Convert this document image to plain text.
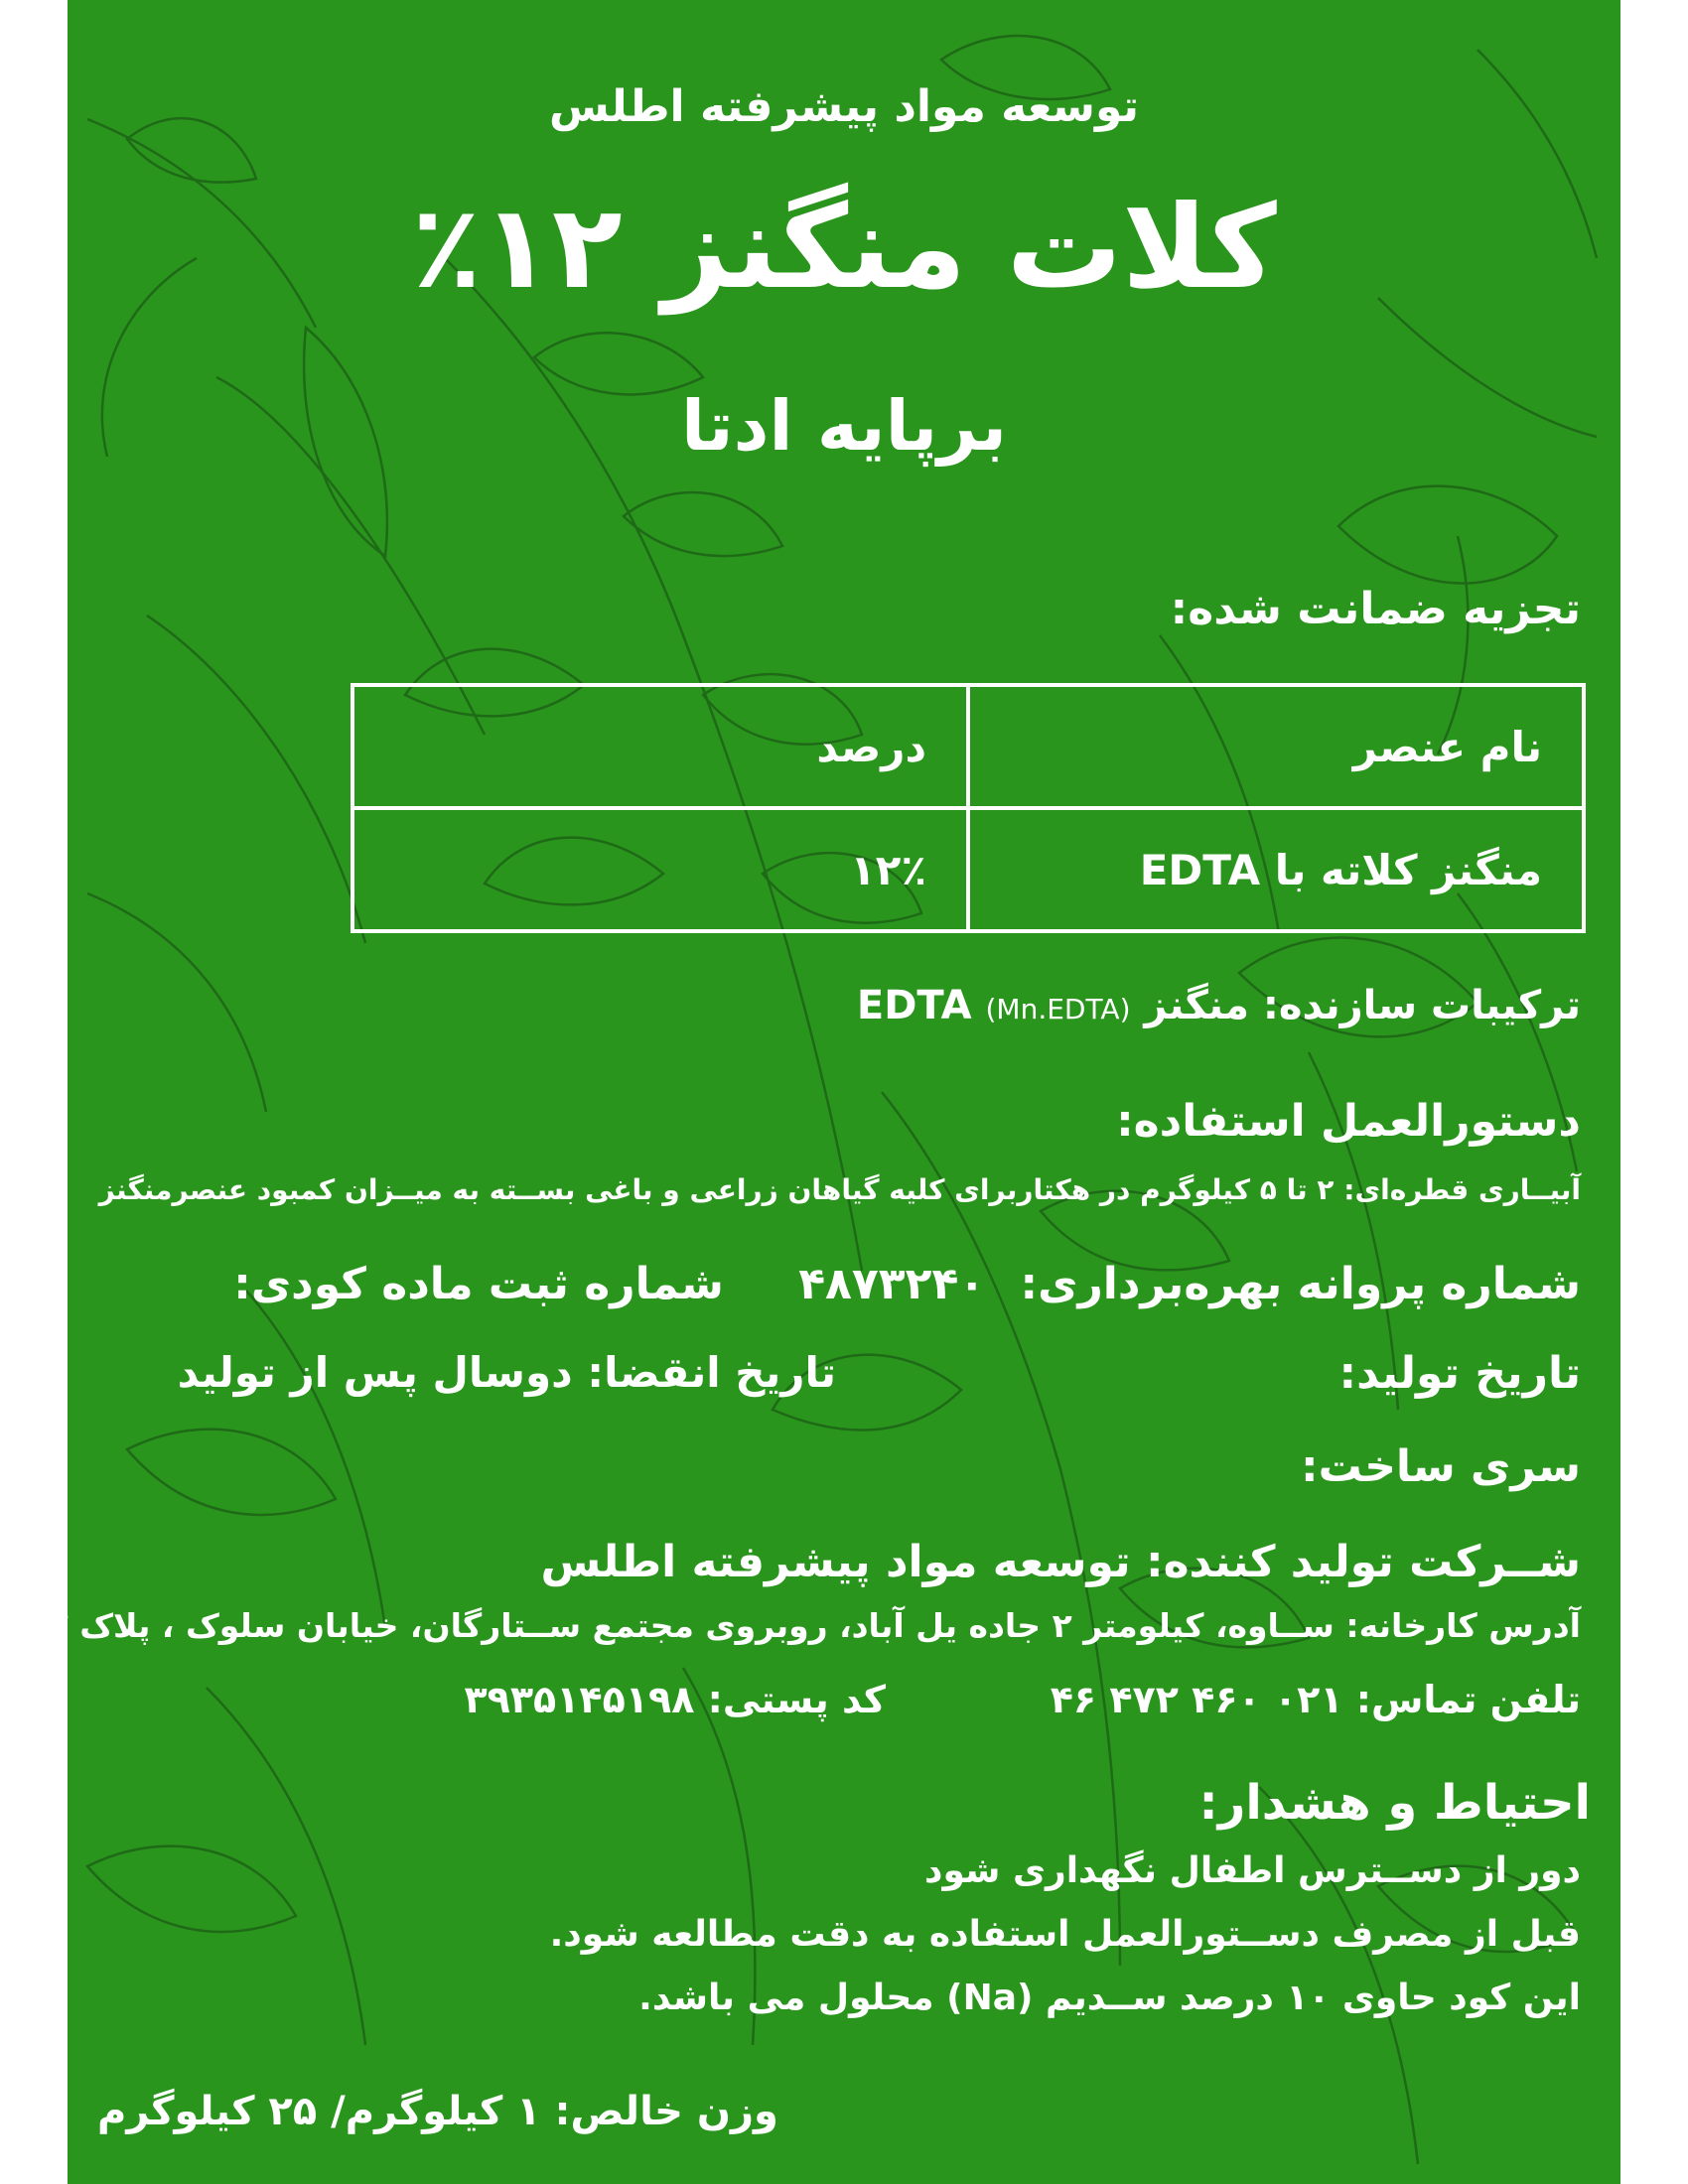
توسعه مواد پیشرفته اطلس
کلات منگنز ۱۲٪
برپایه ادتا
تجزیه ضمانت شده:
نام عنصر	درصد
منگنز کلاته با EDTA	۱۲٪
ترکیبات سازنده: منگنز EDTA (Mn.EDTA)
دستورالعمل استفاده:
آبیــاری قطره‌ای: ۲ تا ۵ کیلوگرم در هکتاربرای کلیه گیاهان زراعی و باغی بســته به میــزان کمبود عنصرمنگنز
شماره پروانه بهره‌برداری: ۴۸۷۳۲۴۰ شماره ثبت ماده کودی:
تاریخ تولید:
تاریخ انقضا: دوسال پس از تولید
سری ساخت:
شــرکت تولید کننده: توسعه مواد پیشرفته اطلس
آدرس کارخانه: ســاوه، کیلومتر ۲ جاده یل آباد، روبروی مجتمع ســتارگان، خیابان سلوک ، پلاک ۲
تلفن تماس: ۰۲۱ ۴۶۰ ۴۷۲ ۴۶
کد پستی: ۳۹۳۵۱۴۵۱۹۸
احتیاط و هشدار:
دور از دســترس اطفال نگهداری شود
قبل از مصرف دســتورالعمل استفاده به دقت مطالعه شود.
این کود حاوی ۱۰ درصد ســدیم (Na) محلول می باشد.
وزن خالص: ۱ کیلوگرم/ ۲۵ کیلوگرم
